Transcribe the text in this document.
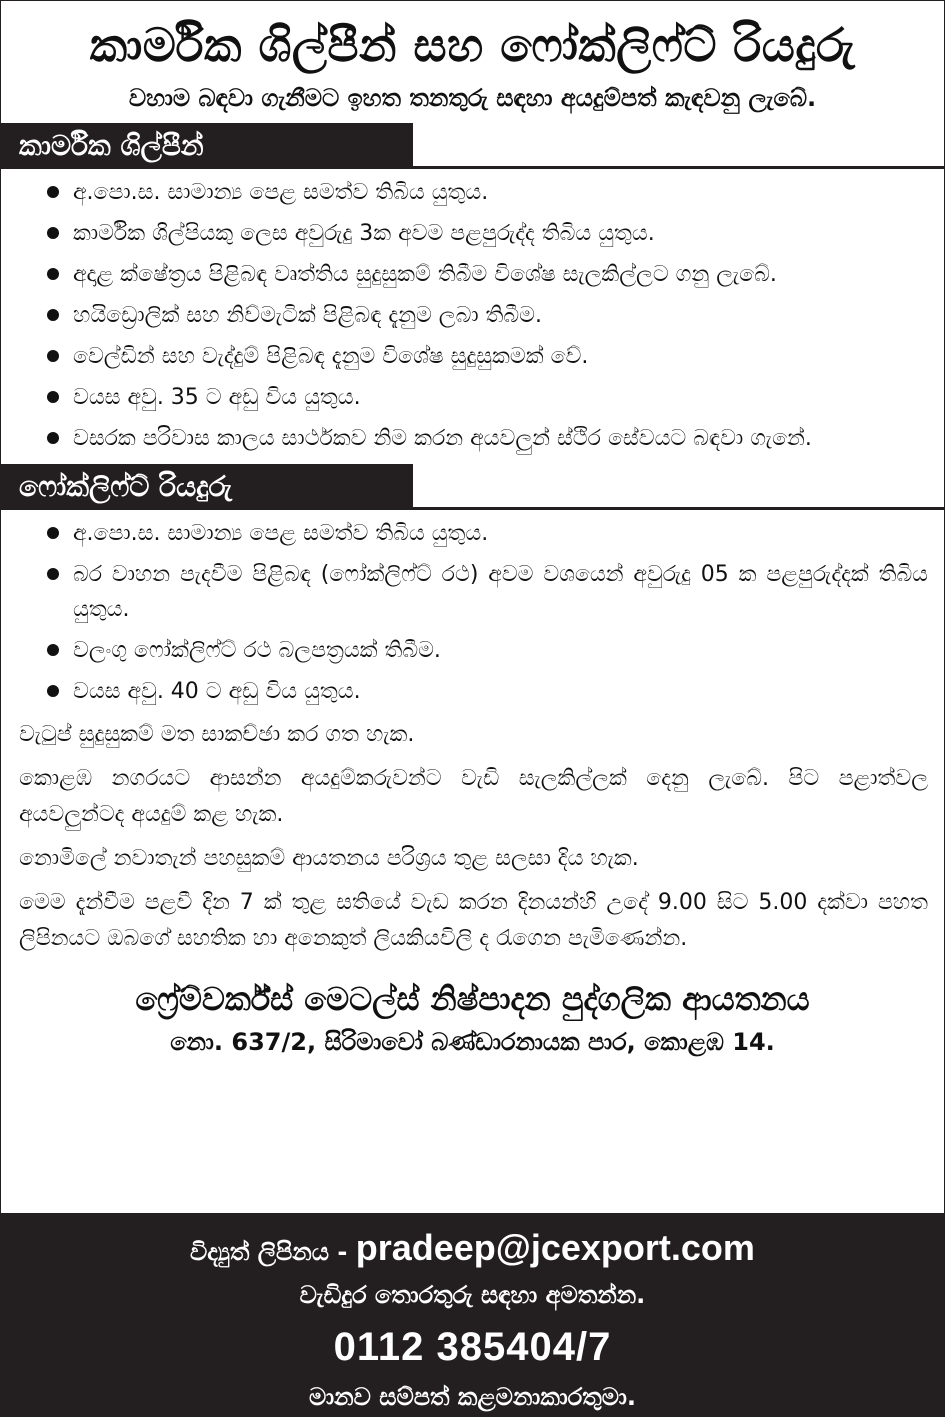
කාර්මික ශිල්පීන් සහ ෆෝක්ලිෆ්ට් රියදුරු
වහාම බඳවා ගැනීමට ඉහත තනතුරු සඳහා අයදුම්පත් කැඳවනු ලැබේ.
කාර්මික ශිල්පීන්
අ.පො.ස. සාමාන්‍ය පෙළ සමත්ව තිබිය යුතුය.
කාර්මික ශිල්පියකු ලෙස අවුරුදු 3ක අවම පළපුරුද්ද තිබිය යුතුය.
අදාළ ක්ෂේත්‍රය පිළිබඳ වෘත්තිය සුදුසුකම් තිබීම විශේෂ සැලකිල්ලට ගනු ලැබේ.
හයිඩ්‍රොලික් සහ නිව්මැටික් පිළිබඳ දැනුම ලබා තිබීම.
වෙල්ඩින් සහ වැද්දුම් පිළිබඳ දැනුම විශේෂ සුදුසුකමක් වේ.
වයස අවු. 35 ට අඩු විය යුතුය.
වසරක පරිවාස කාලය සාර්ථකව නිම කරන අයවලුන් ස්ථිර සේවයට බඳවා ගැනේ.
ෆෝක්ලිෆ්ට් රියදුරු
අ.පො.ස. සාමාන්‍ය පෙළ සමත්ව තිබිය යුතුය.
බර වාහන පැදවීම පිළිබඳ (ෆෝක්ලිෆ්ට් රථ) අවම වශයෙන් අවුරුදු 05 ක පළපුරුද්දක් තිබිය යුතුය.
වලංගු ෆෝක්ලිෆ්ට් රථ බලපත්‍රයක් තිබීම.
වයස අවු. 40 ට අඩු විය යුතුය.
වැටුප් සුදුසුකම් මත සාකච්ඡා කර ගත හැක.
කොළඹ නගරයට ආසන්න අයදුම්කරුවන්ට වැඩි සැලකිල්ලක් දෙනු ලැබේ. පිට පළාත්වල අයවලුන්ටද අයදුම් කළ හැක.
නොමිලේ නවාතැන් පහසුකම් ආයතනය පරිශ්‍රය තුළ සලසා දිය හැක.
මෙම දැන්වීම පළවී දින 7 ක් තුළ සතියේ වැඩ කරන දිනයන්හි උදේ 9.00 සිට 5.00 දක්වා පහත ලිපිනයට ඔබගේ සහතික හා අනෙකුත් ලියකියවිලි ද රැගෙන පැමිණෙන්න.
ෆ්‍රේම්වර්ක්ස් මෙටල්ස් නිෂ්පාදන පුද්ගලික ආයතනය
නො. 637/2, සිරිමාවෝ බණ්ඩාරනායක පාර, කොළඹ 14.
විද්‍යුත් ලිපිනය - pradeep@jcexport.com
වැඩිදුර තොරතුරු සඳහා අමතන්න.
0112 385404/7
මානව සම්පත් කළමනාකාරතුමා.
